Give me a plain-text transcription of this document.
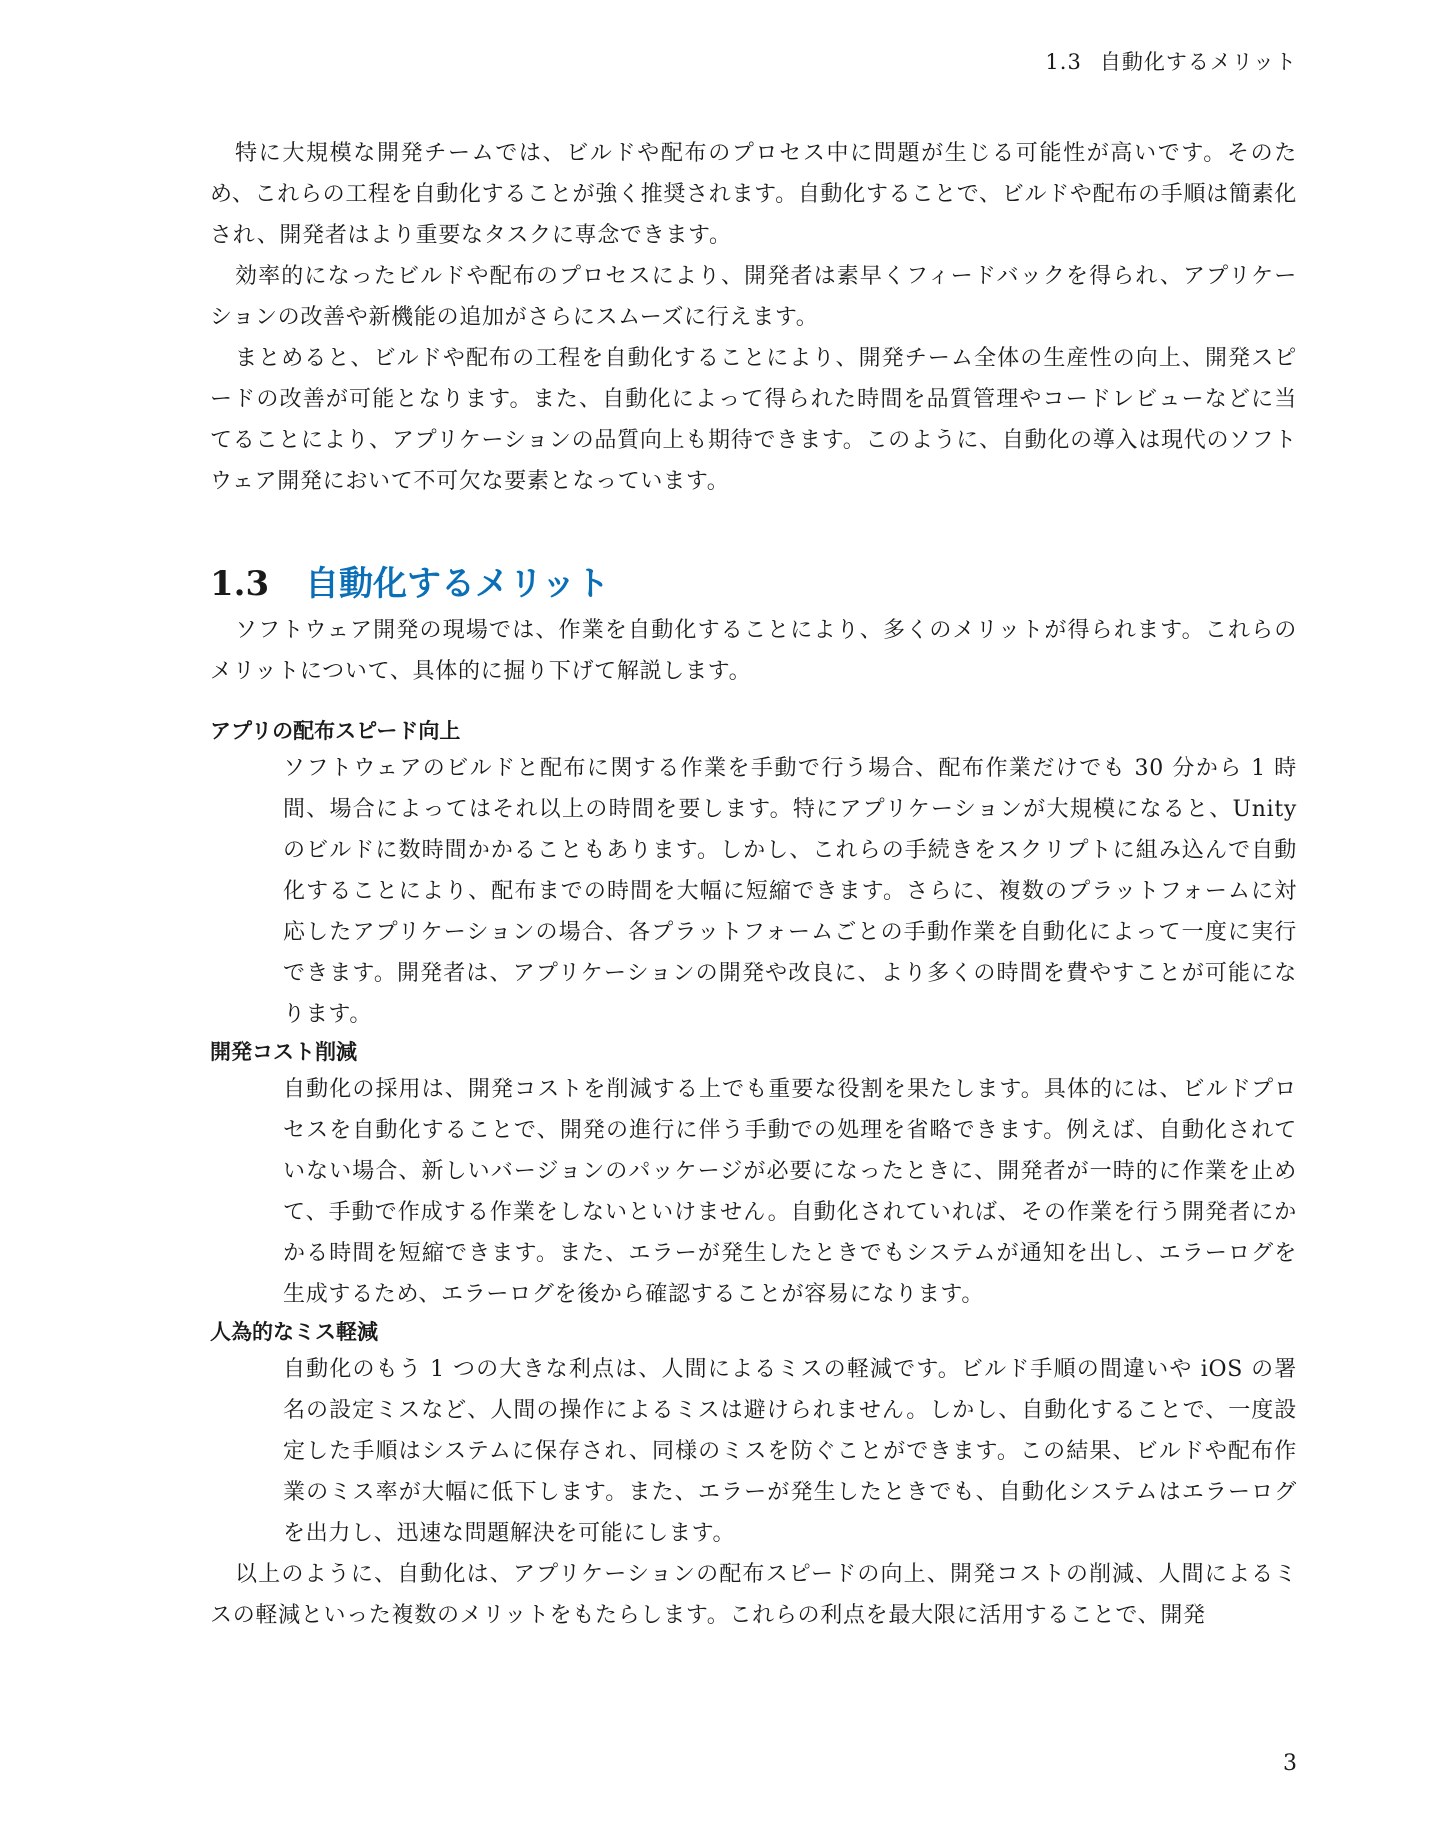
1.3 自動化するメリット

特に大規模な開発チームでは、ビルドや配布のプロセス中に問題が生じる可能性が高いです。そのため、これらの工程を自動化することが強く推奨されます。自動化することで、ビルドや配布の手順は簡素化され、開発者はより重要なタスクに専念できます。

効率的になったビルドや配布のプロセスにより、開発者は素早くフィードバックを得られ、アプリケーションの改善や新機能の追加がさらにスムーズに行えます。

まとめると、ビルドや配布の工程を自動化することにより、開発チーム全体の生産性の向上、開発スピードの改善が可能となります。また、自動化によって得られた時間を品質管理やコードレビューなどに当てることにより、アプリケーションの品質向上も期待できます。このように、自動化の導入は現代のソフトウェア開発において不可欠な要素となっています。

1.3 自動化するメリット

ソフトウェア開発の現場では、作業を自動化することにより、多くのメリットが得られます。これらのメリットについて、具体的に掘り下げて解説します。

アプリの配布スピード向上
ソフトウェアのビルドと配布に関する作業を手動で行う場合、配布作業だけでも 30 分から 1 時間、場合によってはそれ以上の時間を要します。特にアプリケーションが大規模になると、Unity のビルドに数時間かかることもあります。しかし、これらの手続きをスクリプトに組み込んで自動化することにより、配布までの時間を大幅に短縮できます。さらに、複数のプラットフォームに対応したアプリケーションの場合、各プラットフォームごとの手動作業を自動化によって一度に実行できます。開発者は、アプリケーションの開発や改良に、より多くの時間を費やすことが可能になります。
開発コスト削減
自動化の採用は、開発コストを削減する上でも重要な役割を果たします。具体的には、ビルドプロセスを自動化することで、開発の進行に伴う手動での処理を省略できます。例えば、自動化されていない場合、新しいバージョンのパッケージが必要になったときに、開発者が一時的に作業を止めて、手動で作成する作業をしないといけません。自動化されていれば、その作業を行う開発者にかかる時間を短縮できます。また、エラーが発生したときでもシステムが通知を出し、エラーログを生成するため、エラーログを後から確認することが容易になります。
人為的なミス軽減
自動化のもう 1 つの大きな利点は、人間によるミスの軽減です。ビルド手順の間違いや iOS の署名の設定ミスなど、人間の操作によるミスは避けられません。しかし、自動化することで、一度設定した手順はシステムに保存され、同様のミスを防ぐことができます。この結果、ビルドや配布作業のミス率が大幅に低下します。また、エラーが発生したときでも、自動化システムはエラーログを出力し、迅速な問題解決を可能にします。

以上のように、自動化は、アプリケーションの配布スピードの向上、開発コストの削減、人間によるミスの軽減といった複数のメリットをもたらします。これらの利点を最大限に活用することで、開発

3
